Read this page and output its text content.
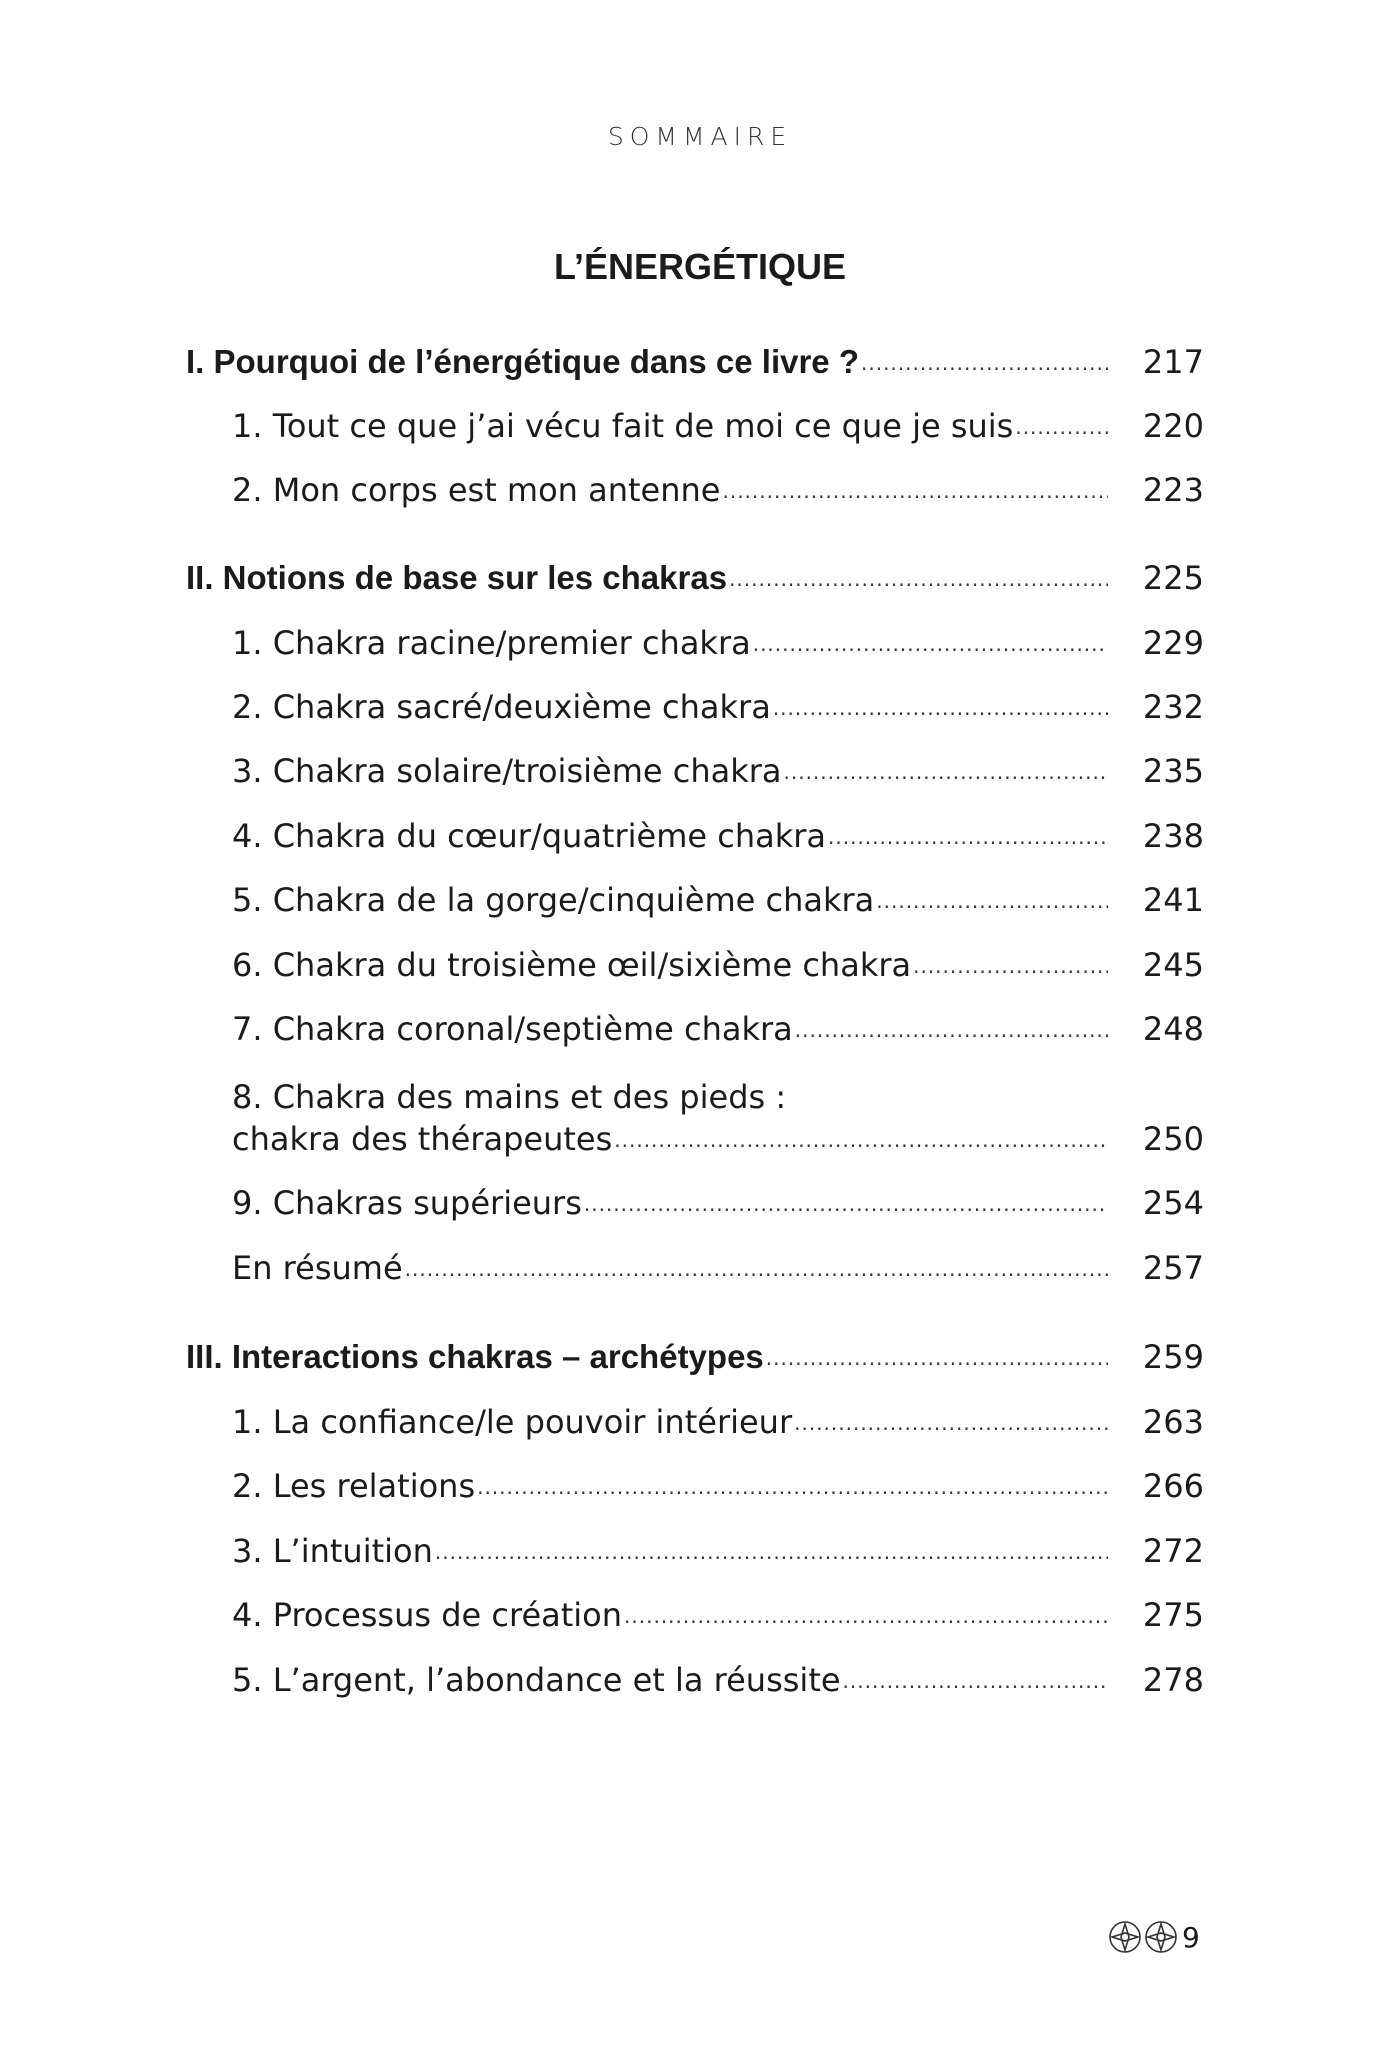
SOMMAIRE
L’ÉNERGÉTIQUE
I. Pourquoi de l’énergétique dans ce livre ? .....	217
1. Tout ce que j’ai vécu fait de moi ce que je suis .....	220
2. Mon corps est mon antenne .....	223
II. Notions de base sur les chakras .....	225
1. Chakra racine/premier chakra .....	229
2. Chakra sacré/deuxième chakra .....	232
3. Chakra solaire/troisième chakra .....	235
4. Chakra du cœur/quatrième chakra .....	238
5. Chakra de la gorge/cinquième chakra .....	241
6. Chakra du troisième œil/sixième chakra .....	245
7. Chakra coronal/septième chakra .....	248
8. Chakra des mains et des pieds :
chakra des thérapeutes .....	250
9. Chakras supérieurs .....	254
En résumé .....	257
III. Interactions chakras – archétypes .....	259
1. La confiance/le pouvoir intérieur .....	263
2. Les relations .....	266
3. L’intuition .....	272
4. Processus de création .....	275
5. L’argent, l’abondance et la réussite .....	278
9
